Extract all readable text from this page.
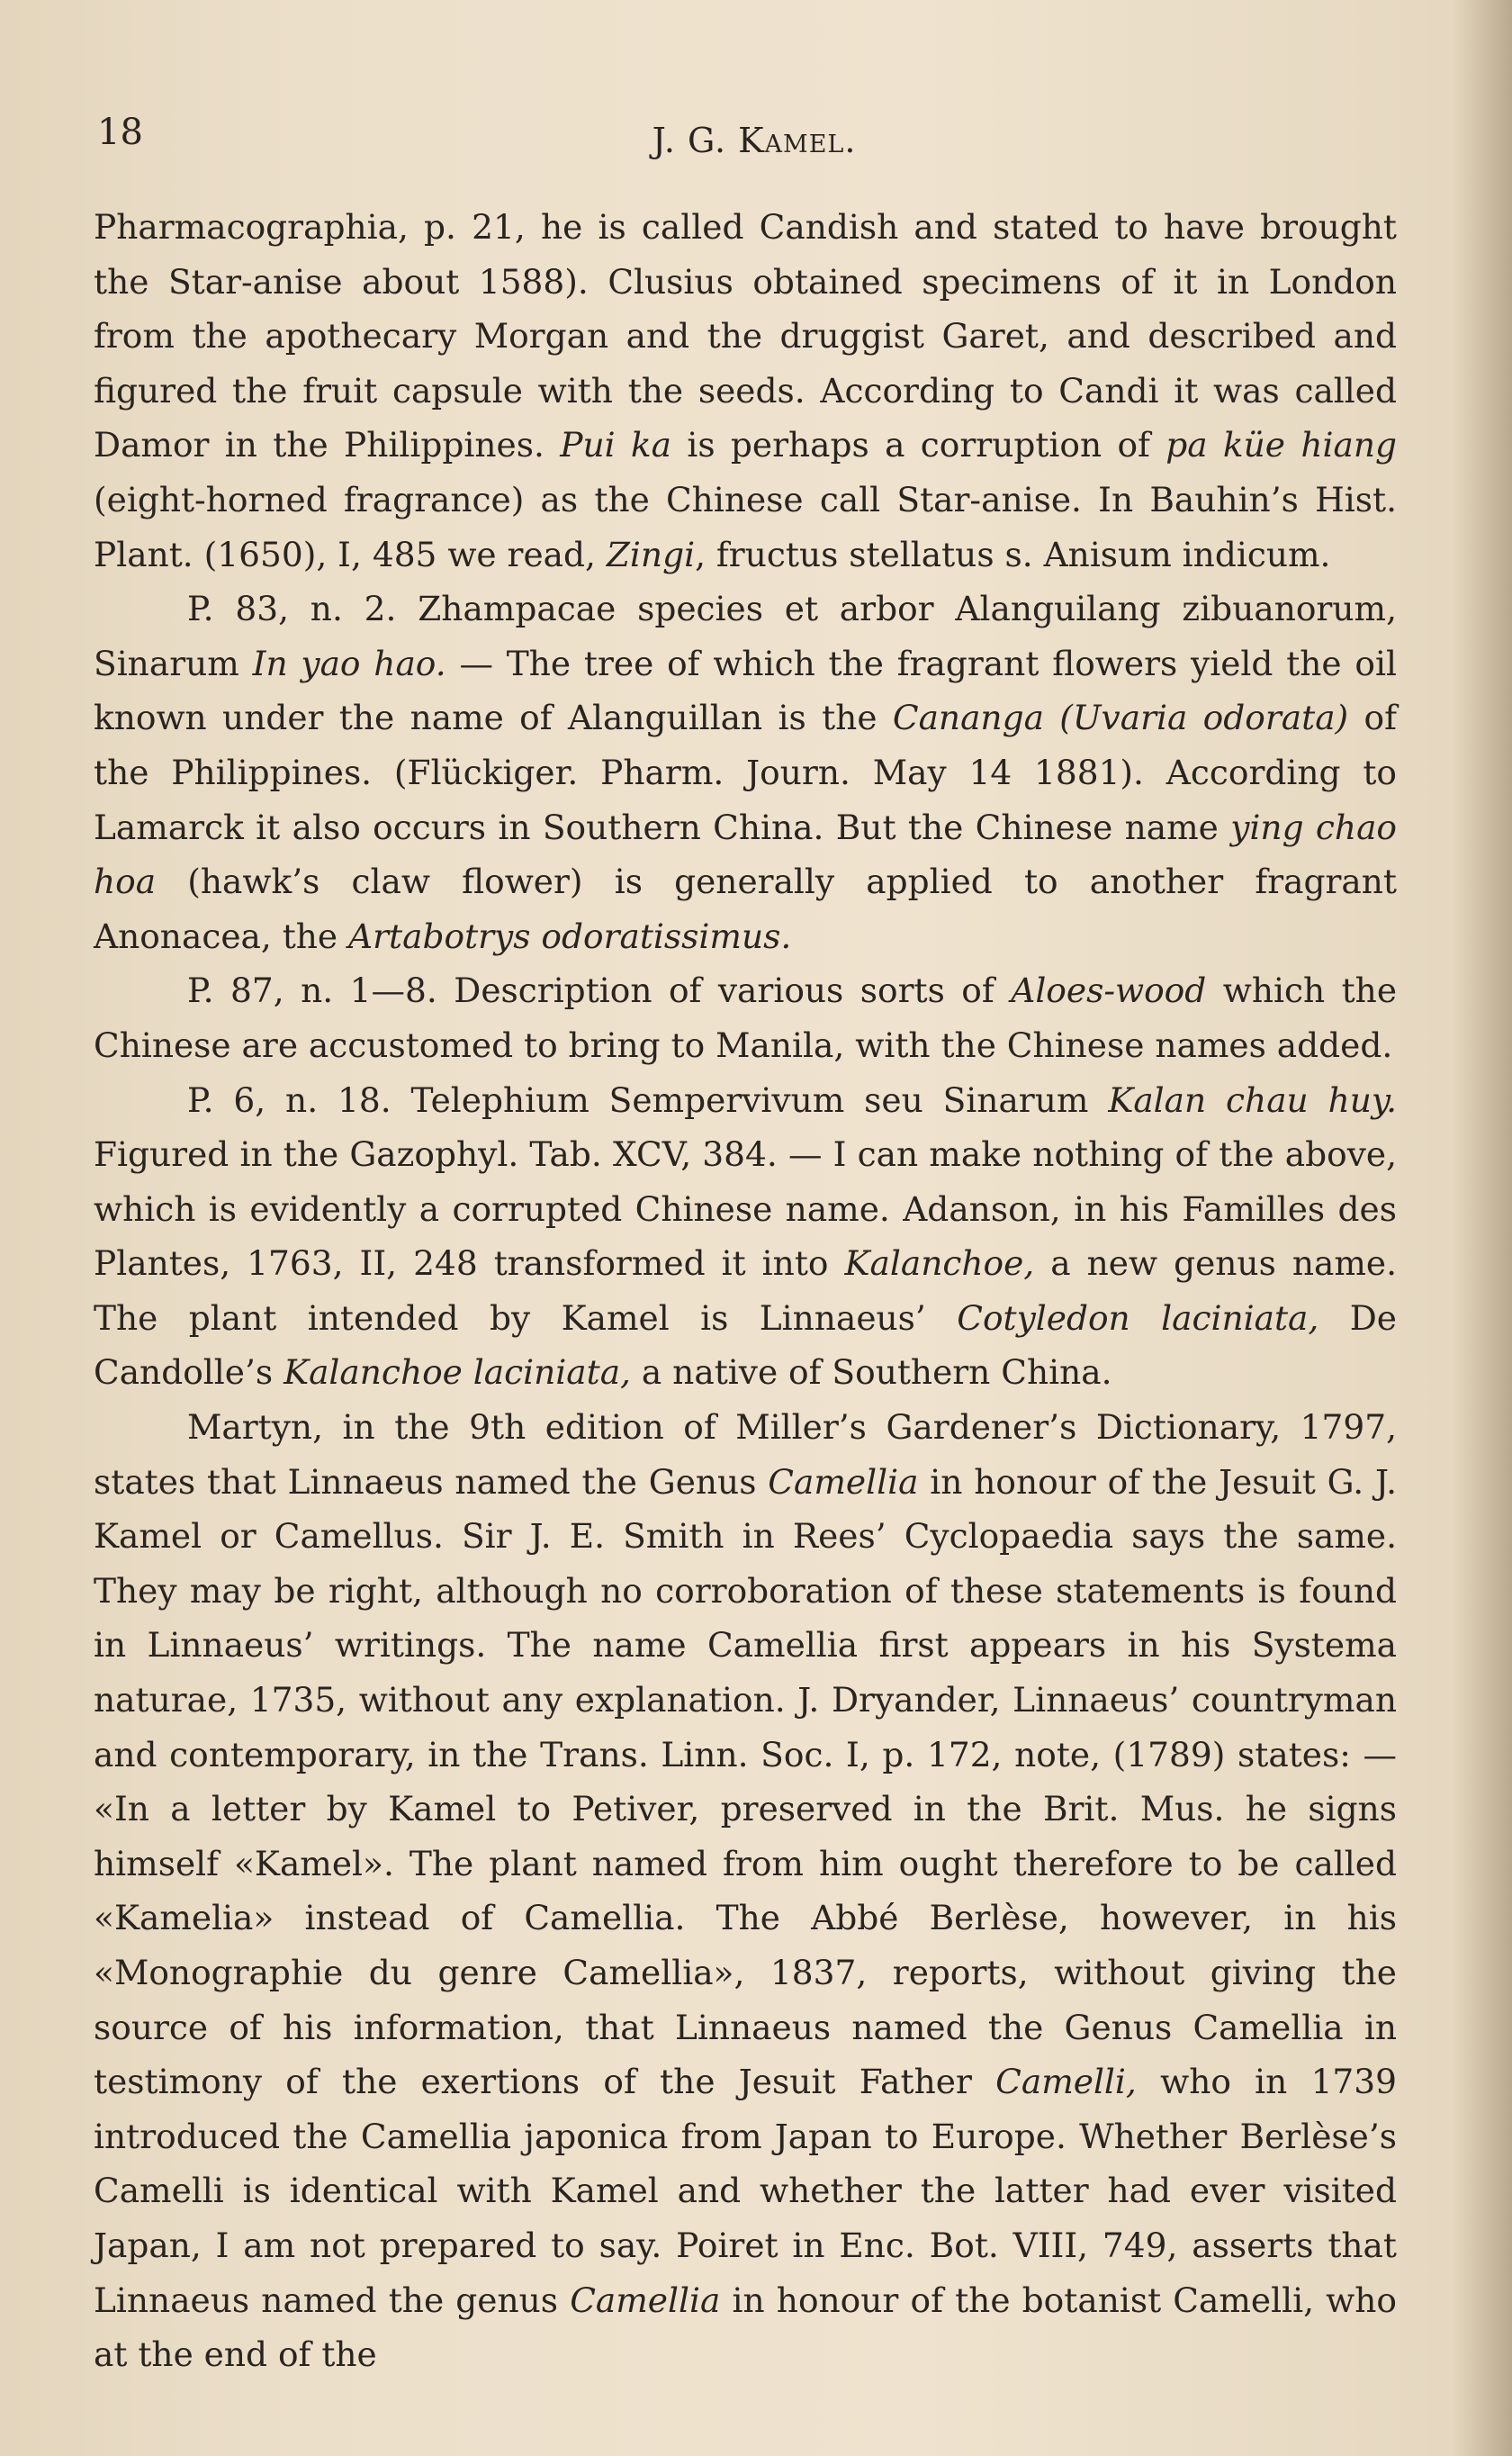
18	J. G. Kamel.

Pharmacographia, p. 21, he is called Candish and stated to have brought the Star-anise about 1588). Clusius obtained specimens of it in London from the apothecary Morgan and the druggist Garet, and described and figured the fruit capsule with the seeds. According to Candi it was called Damor in the Philippines. Pui ka is perhaps a corruption of pa küe hiang (eight-horned fragrance) as the Chinese call Star-anise. In Bauhin’s Hist. Plant. (1650), I, 485 we read, Zingi, fructus stellatus s. Anisum indicum.

P. 83, n. 2. Zhampacae species et arbor Alanguilang zibuanorum, Sinarum In yao hao. — The tree of which the fragrant flowers yield the oil known under the name of Alanguillan is the Cananga (Uvaria odorata) of the Philippines. (Flückiger. Pharm. Journ. May 14 1881). According to Lamarck it also occurs in Southern China. But the Chinese name ying chao hoa (hawk’s claw flower) is generally applied to another fragrant Anonacea, the Artabotrys odoratissimus.

P. 87, n. 1—8. Description of various sorts of Aloes-wood which the Chinese are accustomed to bring to Manila, with the Chinese names added.

P. 6, n. 18. Telephium Sempervivum seu Sinarum Kalan chau huy. Figured in the Gazophyl. Tab. XCV, 384. — I can make nothing of the above, which is evidently a corrupted Chinese name. Adanson, in his Familles des Plantes, 1763, II, 248 transformed it into Kalanchoe, a new genus name. The plant intended by Kamel is Linnaeus’ Cotyledon laciniata, De Candolle’s Kalanchoe laciniata, a native of Southern China.

Martyn, in the 9th edition of Miller’s Gardener’s Dictionary, 1797, states that Linnaeus named the Genus Camellia in honour of the Jesuit G. J. Kamel or Camellus. Sir J. E. Smith in Rees’ Cyclopaedia says the same. They may be right, although no corroboration of these statements is found in Linnaeus’ writings. The name Camellia first appears in his Systema naturae, 1735, without any explanation. J. Dryander, Linnaeus’ countryman and contemporary, in the Trans. Linn. Soc. I, p. 172, note, (1789) states: — «In a letter by Kamel to Petiver, preserved in the Brit. Mus. he signs himself «Kamel». The plant named from him ought therefore to be called «Kamelia» instead of Camellia. The Abbé Berlèse, however, in his «Monographie du genre Camellia», 1837, reports, without giving the source of his information, that Linnaeus named the Genus Camellia in testimony of the exertions of the Jesuit Father Camelli, who in 1739 introduced the Camellia japonica from Japan to Europe. Whether Berlèse’s Camelli is identical with Kamel and whether the latter had ever visited Japan, I am not prepared to say. Poiret in Enc. Bot. VIII, 749, asserts that Linnaeus named the genus Camellia in honour of the botanist Camelli, who at the end of the
